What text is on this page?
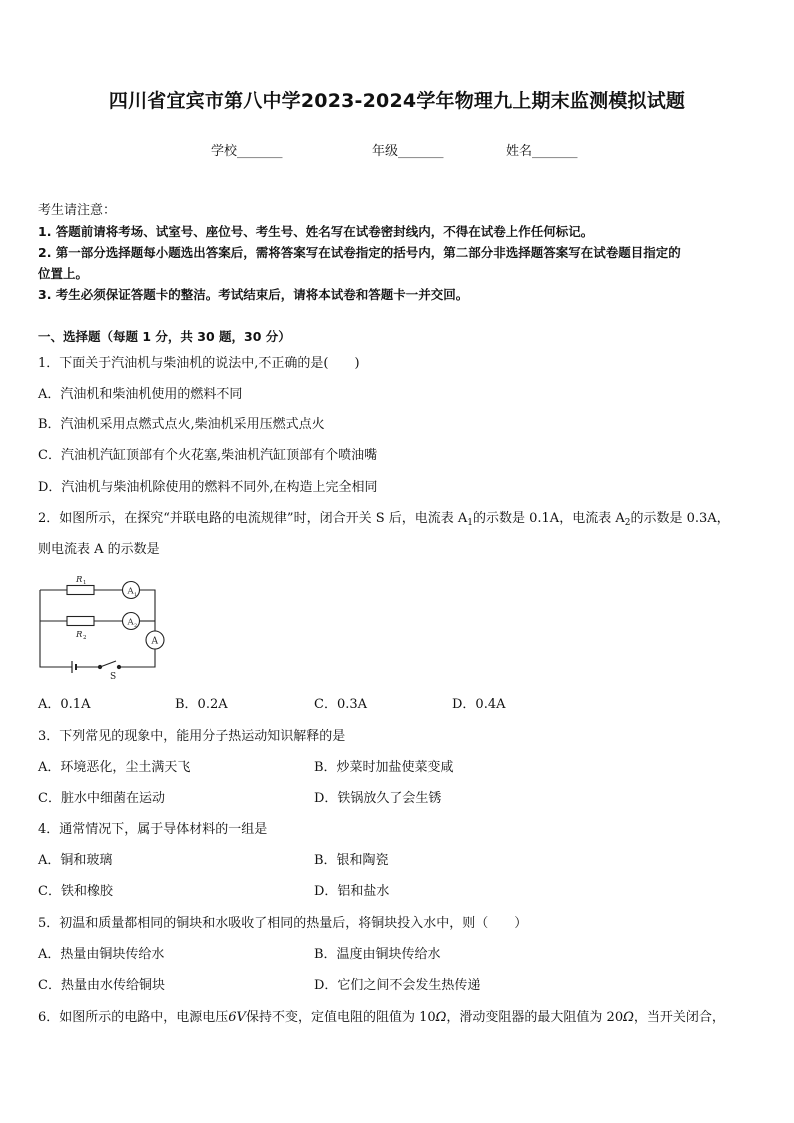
四川省宜宾市第八中学2023-2024学年物理九上期末监测模拟试题
学校_______	年级_______	姓名_______
考生请注意：
1. 答题前请将考场、试室号、座位号、考生号、姓名写在试卷密封线内，不得在试卷上作任何标记。
2. 第一部分选择题每小题选出答案后，需将答案写在试卷指定的括号内，第二部分非选择题答案写在试卷题目指定的
位置上。
3. 考生必须保证答题卡的整洁。考试结束后，请将本试卷和答题卡一并交回。
一、选择题（每题 1 分，共 30 题，30 分）
1．下面关于汽油机与柴油机的说法中,不正确的是(　　)
A．汽油机和柴油机使用的燃料不同
B．汽油机采用点燃式点火,柴油机采用压燃式点火
C．汽油机汽缸顶部有个火花塞,柴油机汽缸顶部有个喷油嘴
D．汽油机与柴油机除使用的燃料不同外,在构造上完全相同
2．如图所示，在探究“并联电路的电流规律”时，闭合开关 S 后，电流表 $A_1$的示数是 0.1A，电流表 $A_2$的示数是 0.3A，
则电流表 A 的示数是
R 1
R 2
A 1
A 2
A
S
A．0.1A	B．0.2A	C．0.3A	D．0.4A
3．下列常见的现象中，能用分子热运动知识解释的是
A．环境恶化，尘土满天飞	B．炒菜时加盐使菜变咸
C．脏水中细菌在运动	D．铁锅放久了会生锈
4．通常情况下，属于导体材料的一组是
A．铜和玻璃	B．银和陶瓷
C．铁和橡胶	D．铝和盐水
5．初温和质量都相同的铜块和水吸收了相同的热量后，将铜块投入水中，则（　　）
A．热量由铜块传给水	B．温度由铜块传给水
C．热量由水传给铜块	D．它们之间不会发生热传递
6．如图所示的电路中，电源电压6V保持不变，定值电阻的阻值为 10Ω，滑动变阻器的最大阻值为 20Ω，当开关闭合，
